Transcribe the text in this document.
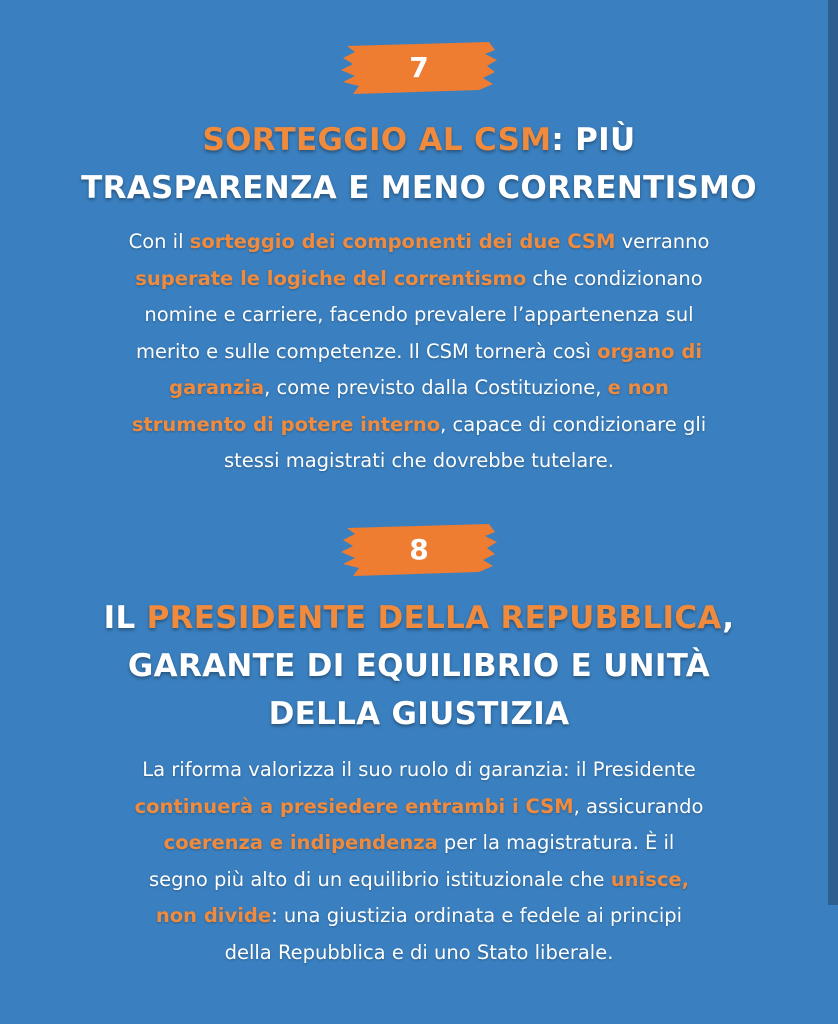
7
SORTEGGIO AL CSM: PIÙ
TRASPARENZA E MENO CORRENTISMO

Con il sorteggio dei componenti dei due CSM verranno
superate le logiche del correntismo che condizionano
nomine e carriere, facendo prevalere l’appartenenza sul
merito e sulle competenze. Il CSM tornerà così organo di
garanzia, come previsto dalla Costituzione, e non
strumento di potere interno, capace di condizionare gli
stessi magistrati che dovrebbe tutelare.

8
IL PRESIDENTE DELLA REPUBBLICA,
GARANTE DI EQUILIBRIO E UNITÀ
DELLA GIUSTIZIA

La riforma valorizza il suo ruolo di garanzia: il Presidente
continuerà a presiedere entrambi i CSM, assicurando
coerenza e indipendenza per la magistratura. È il
segno più alto di un equilibrio istituzionale che unisce,
non divide: una giustizia ordinata e fedele ai principi
della Repubblica e di uno Stato liberale.
